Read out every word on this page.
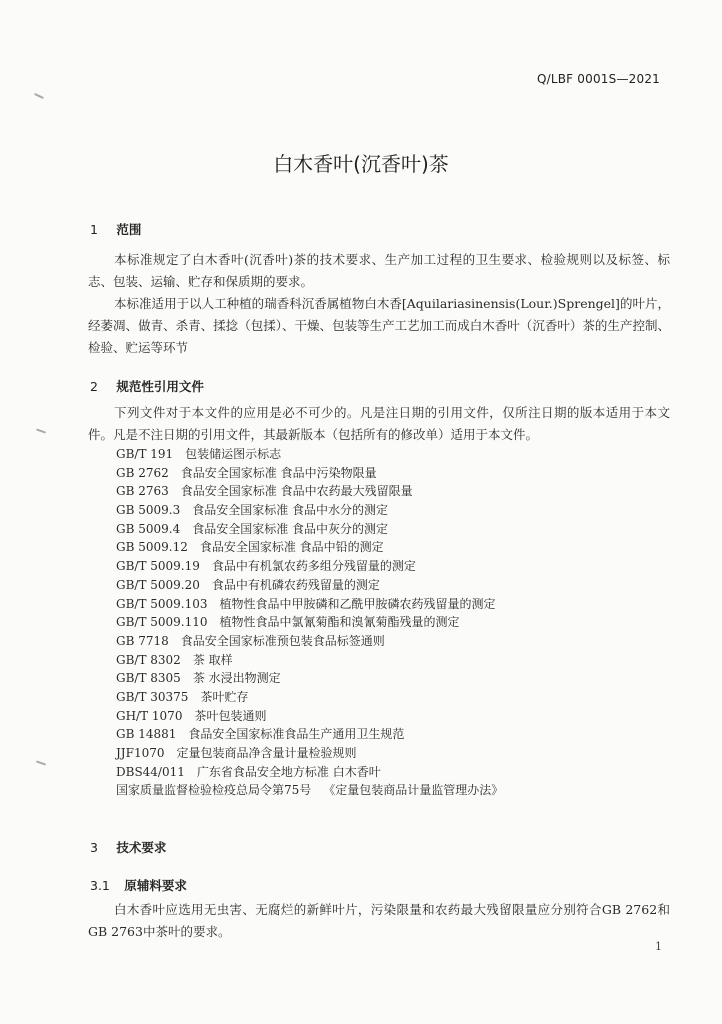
Q/LBF 0001S—2021
白木香叶(沉香叶)茶
1 范围
本标准规定了白木香叶(沉香叶)茶的技术要求、生产加工过程的卫生要求、检验规则以及标签、标志、包装、运输、贮存和保质期的要求。
本标准适用于以人工种植的瑞香科沉香属植物白木香[Aquilariasinensis(Lour.)Sprengel]的叶片，经萎凋、做青、杀青、揉捻（包揉）、干燥、包装等生产工艺加工而成白木香叶（沉香叶）茶的生产控制、检验、贮运等环节
2 规范性引用文件
下列文件对于本文件的应用是必不可少的。凡是注日期的引用文件，仅所注日期的版本适用于本文件。凡是不注日期的引用文件，其最新版本（包括所有的修改单）适用于本文件。
GB/T 191 包装储运图示标志
GB 2762 食品安全国家标准 食品中污染物限量
GB 2763 食品安全国家标准 食品中农药最大残留限量
GB 5009.3 食品安全国家标准 食品中水分的测定
GB 5009.4 食品安全国家标准 食品中灰分的测定
GB 5009.12 食品安全国家标准 食品中铅的测定
GB/T 5009.19 食品中有机氯农药多组分残留量的测定
GB/T 5009.20 食品中有机磷农药残留量的测定
GB/T 5009.103 植物性食品中甲胺磷和乙酰甲胺磷农药残留量的测定
GB/T 5009.110 植物性食品中氯氰菊酯和溴氰菊酯残量的测定
GB 7718 食品安全国家标准预包装食品标签通则
GB/T 8302 茶 取样
GB/T 8305 茶 水浸出物测定
GB/T 30375 茶叶贮存
GH/T 1070 茶叶包装通则
GB 14881 食品安全国家标准食品生产通用卫生规范
JJF1070 定量包装商品净含量计量检验规则
DBS44/011 广东省食品安全地方标准 白木香叶
国家质量监督检验检疫总局令第75号 《定量包装商品计量监管理办法》
3 技术要求
3.1 原辅料要求
白木香叶应选用无虫害、无腐烂的新鲜叶片，污染限量和农药最大残留限量应分别符合GB 2762和GB 2763中茶叶的要求。
1
